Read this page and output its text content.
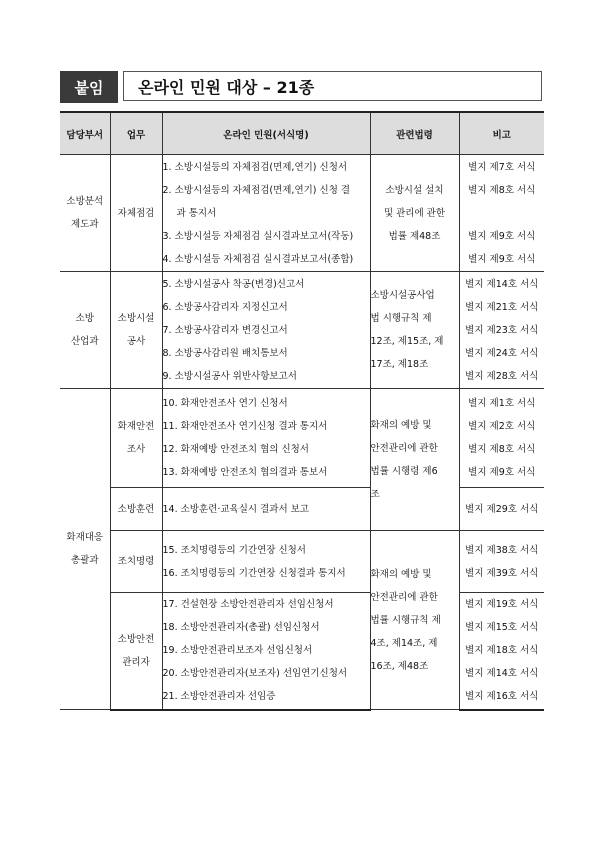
붙임	온라인 민원 대상 – 21종
담당부서	업무	온라인 민원(서식명)	관련법령	비고

소방분석 제도과	자체점검	1. 소방시설등의 자체점검(면제,연기) 신청서
2. 소방시설등의 자체점검(면제,연기) 신청 결
과 통지서
3. 소방시설등 자체점검 실시결과보고서(작동)
4. 소방시설등 자체점검 실시결과보고서(종합)	소방시설 설치
및 관리에 관한
법률 제48조	별지 제7호 서식
별지 제8호 서식

별지 제9호 서식
별지 제9호 서식

소방 산업과	소방시설 공사	5. 소방시설공사 착공(변경)신고서
6. 소방공사감리자 지정신고서
7. 소방공사감리자 변경신고서
8. 소방공사감리원 배치통보서
9. 소방시설공사 위반사항보고서	소방시설공사업
법 시행규칙 제
12조, 제15조, 제
17조, 제18조	별지 제14호 서식
별지 제21호 서식
별지 제23호 서식
별지 제24호 서식
별지 제28호 서식

화재대응 총괄과	화재안전 조사	10. 화재안전조사 연기 신청서
11. 화재안전조사 연기신청 결과 통지서
12. 화재예방 안전조치 협의 신청서
13. 화재예방 안전조치 협의결과 통보서	화재의 예방 및
안전관리에 관한
법률 시행령 제6
조	별지 제1호 서식
별지 제2호 서식
별지 제8호 서식
별지 제9호 서식

	소방훈련	14. 소방훈련·교육실시 결과서 보고		별지 제29호 서식

	조치명령	15. 조치명령등의 기간연장 신청서
16. 조치명령등의 기간연장 신청결과 통지서	화재의 예방 및
안전관리에 관한
법률 시행규칙 제
4조, 제14조, 제
16조, 제48조	별지 제38호 서식
별지 제39호 서식

	소방안전 관리자	17. 건설현장 소방안전관리자 선임신청서
18. 소방안전관리자(총괄) 선임신청서
19. 소방안전관리보조자 선임신청서
20. 소방안전관리자(보조자) 선임연기신청서
21. 소방안전관리자 선임증		별지 제19호 서식
별지 제15호 서식
별지 제18호 서식
별지 제14호 서식
별지 제16호 서식
